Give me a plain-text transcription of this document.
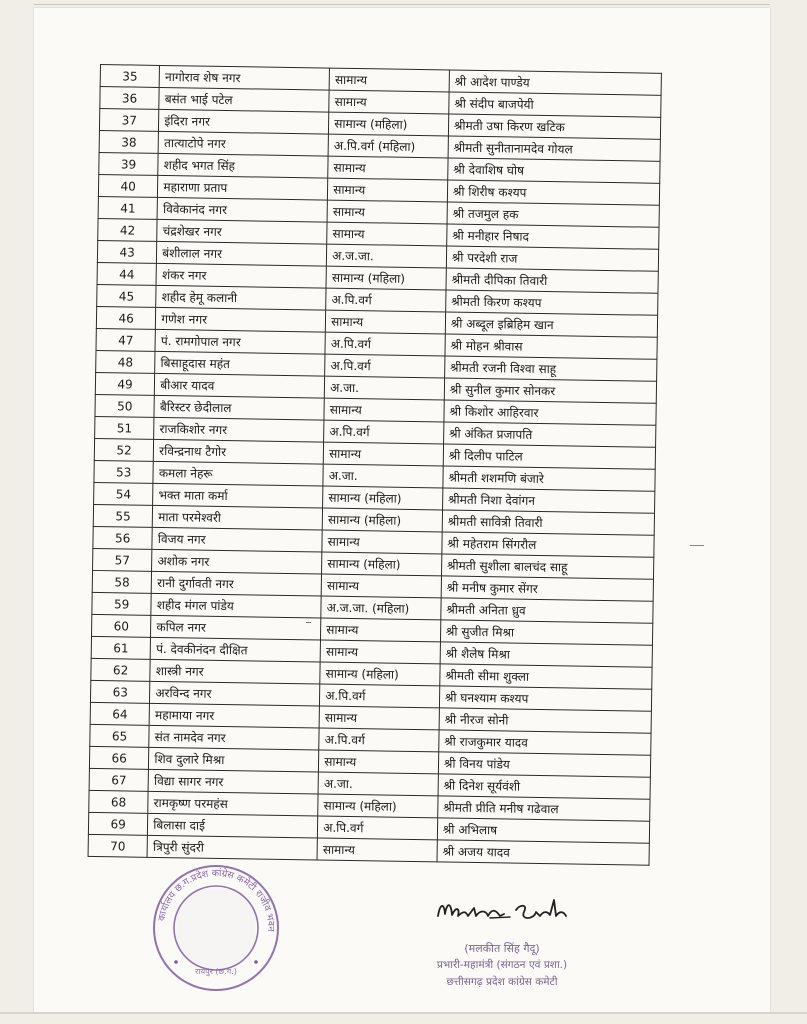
35	नागोराव शेष नगर	सामान्य	श्री आदेश पाण्डेय
36	बसंत भाई पटेल	सामान्य	श्री संदीप बाजपेयी
37	इंदिरा नगर	सामान्य (महिला)	श्रीमती उषा किरण खटिक
38	तात्याटोपे नगर	अ.पि.वर्ग (महिला)	श्रीमती सुनीतानामदेव गोयल
39	शहीद भगत सिंह	सामान्य	श्री देवाशिष घोष
40	महाराणा प्रताप	सामान्य	श्री शिरीष कश्यप
41	विवेकानंद नगर	सामान्य	श्री तजमुल हक
42	चंद्रशेखर नगर	सामान्य	श्री मनीहार निषाद
43	बंशीलाल नगर	अ.ज.जा.	श्री परदेशी राज
44	शंकर नगर	सामान्य (महिला)	श्रीमती दीपिका तिवारी
45	शहीद हेमू कलानी	अ.पि.वर्ग	श्रीमती किरण कश्यप
46	गणेश नगर	सामान्य	श्री अब्दूल इब्रिहिम खान
47	पं. रामगोपाल नगर	अ.पि.वर्ग	श्री मोहन श्रीवास
48	बिसाहूदास महंत	अ.पि.वर्ग	श्रीमती रजनी विश्वा साहू
49	बीआर यादव	अ.जा.	श्री सुनील कुमार सोनकर
50	बैरिस्टर छेदीलाल	सामान्य	श्री किशोर आहिरवार
51	राजकिशोर नगर	अ.पि.वर्ग	श्री अंकित प्रजापति
52	रविन्द्रनाथ टैगोर	सामान्य	श्री दिलीप पाटिल
53	कमला नेहरू	अ.जा.	श्रीमती शशमणि बंजारे
54	भक्त माता कर्मा	सामान्य (महिला)	श्रीमती निशा देवांगन
55	माता परमेश्वरी	सामान्य (महिला)	श्रीमती सावित्री तिवारी
56	विजय नगर	सामान्य	श्री महेतराम सिंगरौल
57	अशोक नगर	सामान्य (महिला)	श्रीमती सुशीला बालचंद साहू
58	रानी दुर्गावती नगर	सामान्य	श्री मनीष कुमार सेंगर
59	शहीद मंगल पांडेय	अ.ज.जा. (महिला)	श्रीमती अनिता ध्रुव
60	कपिल नगर	सामान्य	श्री सुजीत मिश्रा
61	पं. देवकीनंदन दीक्षित	सामान्य	श्री शैलेष मिश्रा
62	शास्त्री नगर	सामान्य (महिला)	श्रीमती सीमा शुक्ला
63	अरविन्द नगर	अ.पि.वर्ग	श्री घनश्याम कश्यप
64	महामाया नगर	सामान्य	श्री नीरज सोनी
65	संत नामदेव नगर	अ.पि.वर्ग	श्री राजकुमार यादव
66	शिव दुलारे मिश्रा	सामान्य	श्री विनय पांडेय
67	विद्या सागर नगर	अ.जा.	श्री दिनेश सूर्यवंशी
68	रामकृष्ण परमहंस	सामान्य (महिला)	श्रीमती प्रीति मनीष गढेवाल
69	बिलासा दाई	अ.पि.वर्ग	श्री अभिलाष
70	त्रिपुरी सुंदरी	सामान्य	श्री अजय यादव
कार्यालय छ.ग.प्रदेश कांग्रेस कमेटी राजीव भवन
रायपुर (छ.ग.)
(मलकीत सिंह गैदू)
प्रभारी-महामंत्री (संगठन एवं प्रशा.)
छत्तीसगढ़ प्रदेश कांग्रेस कमेटी
